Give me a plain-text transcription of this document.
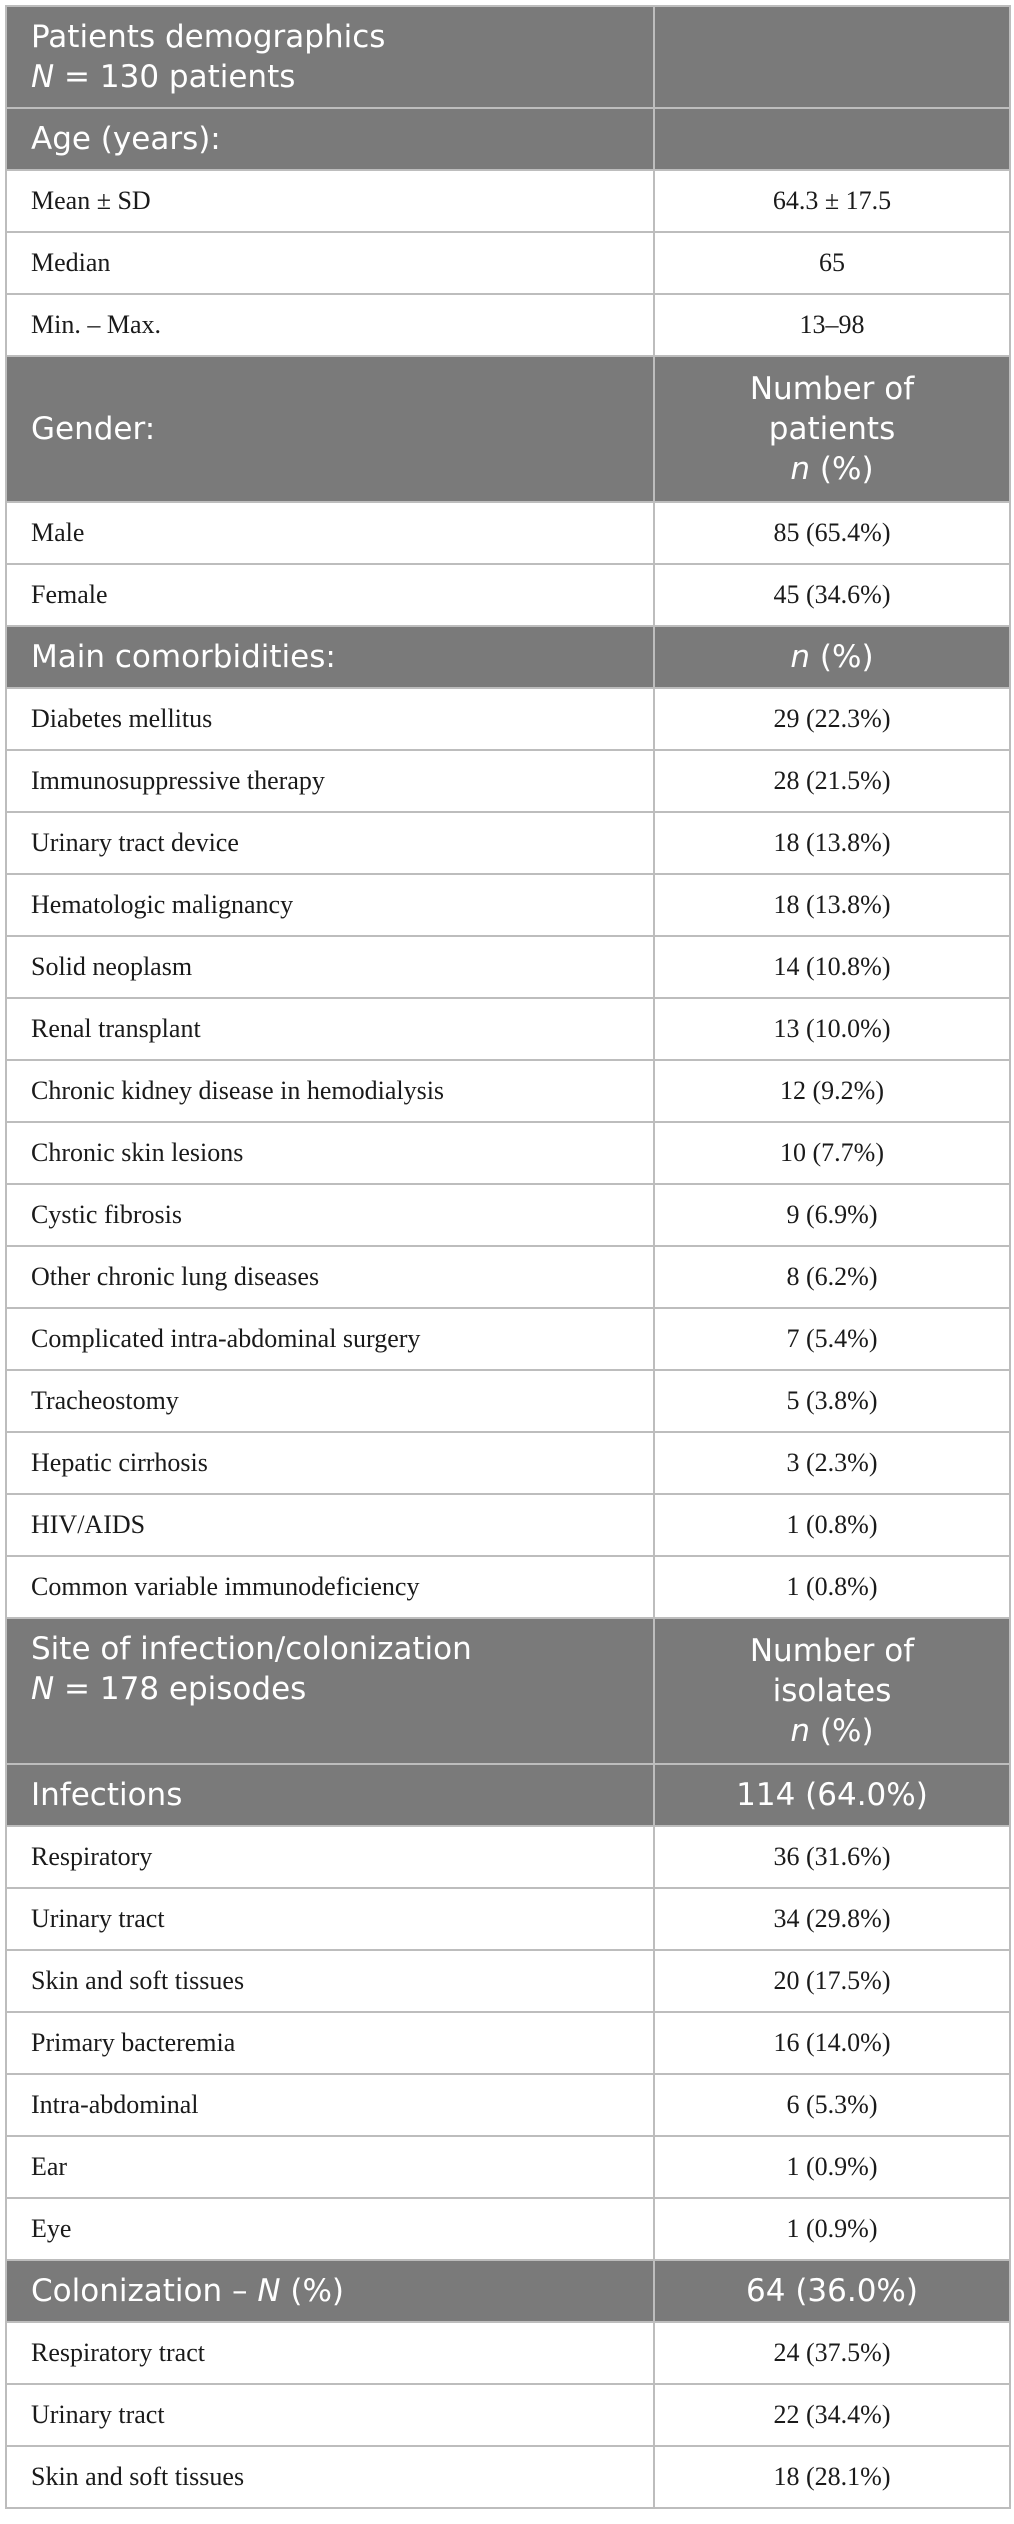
Patients demographics
N = 130 patients	
Age (years):	
Mean ± SD	64.3 ± 17.5
Median	65
Min. – Max.	13–98
Gender:	Number of
patients
n (%)
Male	85 (65.4%)
Female	45 (34.6%)
Main comorbidities:	n (%)
Diabetes mellitus	29 (22.3%)
Immunosuppressive therapy	28 (21.5%)
Urinary tract device	18 (13.8%)
Hematologic malignancy	18 (13.8%)
Solid neoplasm	14 (10.8%)
Renal transplant	13 (10.0%)
Chronic kidney disease in hemodialysis	12 (9.2%)
Chronic skin lesions	10 (7.7%)
Cystic fibrosis	9 (6.9%)
Other chronic lung diseases	8 (6.2%)
Complicated intra-abdominal surgery	7 (5.4%)
Tracheostomy	5 (3.8%)
Hepatic cirrhosis	3 (2.3%)
HIV/AIDS	1 (0.8%)
Common variable immunodeficiency	1 (0.8%)
Site of infection/colonization
N = 178 episodes	Number of
isolates
n (%)
Infections	114 (64.0%)
Respiratory	36 (31.6%)
Urinary tract	34 (29.8%)
Skin and soft tissues	20 (17.5%)
Primary bacteremia	16 (14.0%)
Intra-abdominal	6 (5.3%)
Ear	1 (0.9%)
Eye	1 (0.9%)
Colonization – N (%)	64 (36.0%)
Respiratory tract	24 (37.5%)
Urinary tract	22 (34.4%)
Skin and soft tissues	18 (28.1%)
